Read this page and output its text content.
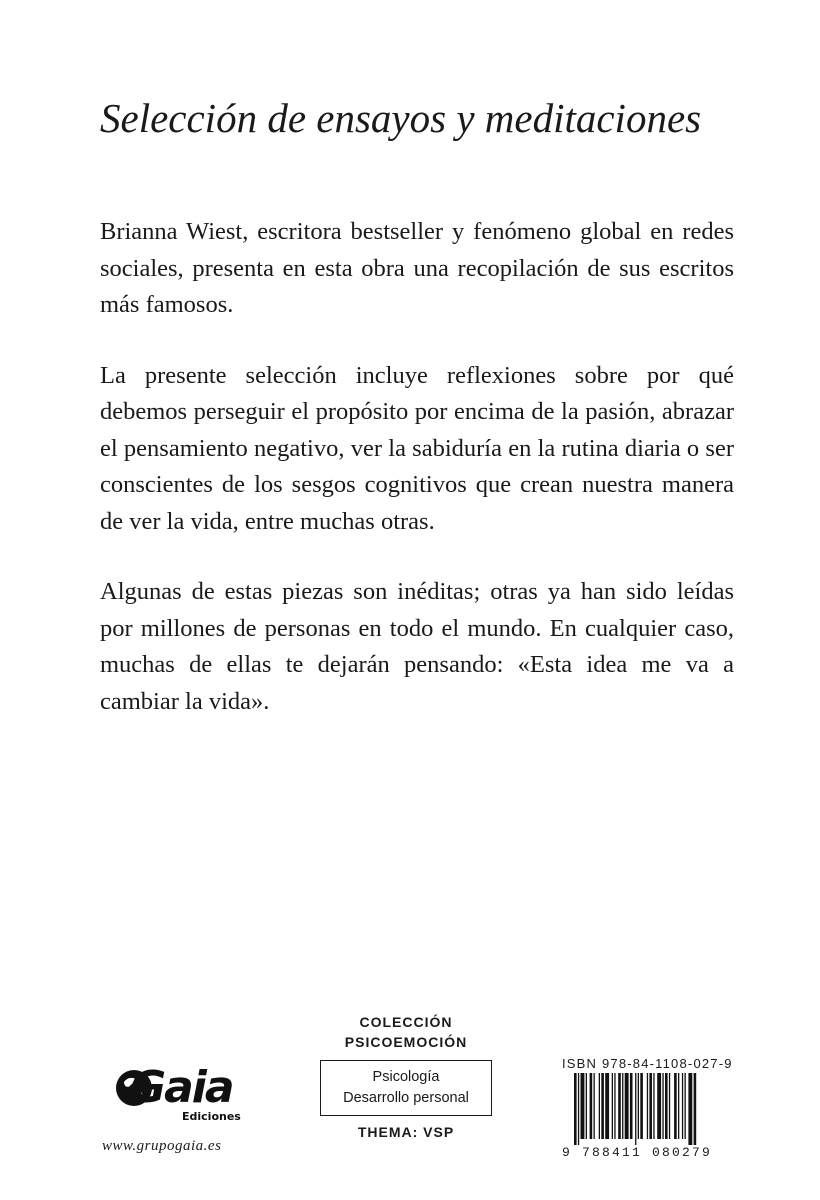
Selección de ensayos y meditaciones

Brianna Wiest, escritora bestseller y fenómeno global en redes sociales, presenta en esta obra una recopilación de sus escritos más famosos.

La presente selección incluye reflexiones sobre por qué debemos perseguir el propósito por encima de la pasión, abrazar el pensamiento negativo, ver la sabiduría en la rutina diaria o ser conscientes de los sesgos cognitivos que crean nuestra manera de ver la vida, entre muchas otras.

Algunas de estas piezas son inéditas; otras ya han sido leídas por millones de personas en todo el mundo. En cualquier caso, muchas de ellas te dejarán pensando: «Esta idea me va a cambiar la vida».

Gaia
Ediciones
www.grupogaia.es
COLECCIÓN
PSICOEMOCIÓN
Psicología
Desarrollo personal
THEMA: VSP
ISBN 978-84-1108-027-9
9 788411 080279
